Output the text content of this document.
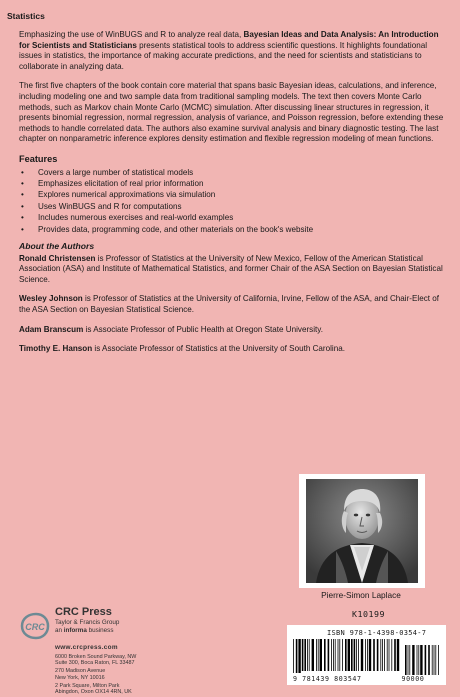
Statistics

Emphasizing the use of WinBUGS and R to analyze real data, Bayesian Ideas and Data Analysis: An Introduction for Scientists and Statisticians presents statistical tools to address scientific questions. It highlights foundational issues in statistics, the importance of making accurate predictions, and the need for scientists and statisticians to collaborate in analyzing data.

The first five chapters of the book contain core material that spans basic Bayesian ideas, calculations, and inference, including modeling one and two sample data from traditional sampling models. The text then covers Monte Carlo methods, such as Markov chain Monte Carlo (MCMC) simulation. After discussing linear structures in regression, it presents binomial regression, normal regression, analysis of variance, and Poisson regression, before extending these methods to handle correlated data. The authors also examine survival analysis and binary diagnostic testing. The last chapter on nonparametric inference explores density estimation and flexible regression modeling of mean functions.

Features
• Covers a large number of statistical models
• Emphasizes elicitation of real prior information
• Explores numerical approximations via simulation
• Uses WinBUGS and R for computations
• Includes numerous exercises and real-world examples
• Provides data, programming code, and other materials on the book's website
About the Authors

Ronald Christensen is Professor of Statistics at the University of New Mexico, Fellow of the American Statistical Association (ASA) and Institute of Mathematical Statistics, and former Chair of the ASA Section on Bayesian Statistical Science.

Wesley Johnson is Professor of Statistics at the University of California, Irvine, Fellow of the ASA, and Chair-Elect of the ASA Section on Bayesian Statistical Science.

Adam Branscum is Associate Professor of Public Health at Oregon State University.

Timothy E. Hanson is Associate Professor of Statistics at the University of South Carolina.

Pierre-Simon Laplace
K10199
ISBN 978-1-4398-0354-7
9 781439 803547	90000
CRC
CRC Press
Taylor & Francis Group
an informa business
www.crcpress.com
6000 Broken Sound Parkway, NW
Suite 300, Boca Raton, FL 33487
270 Madison Avenue
New York, NY 10016
2 Park Square, Milton Park
Abingdon, Oxon OX14 4RN, UK
